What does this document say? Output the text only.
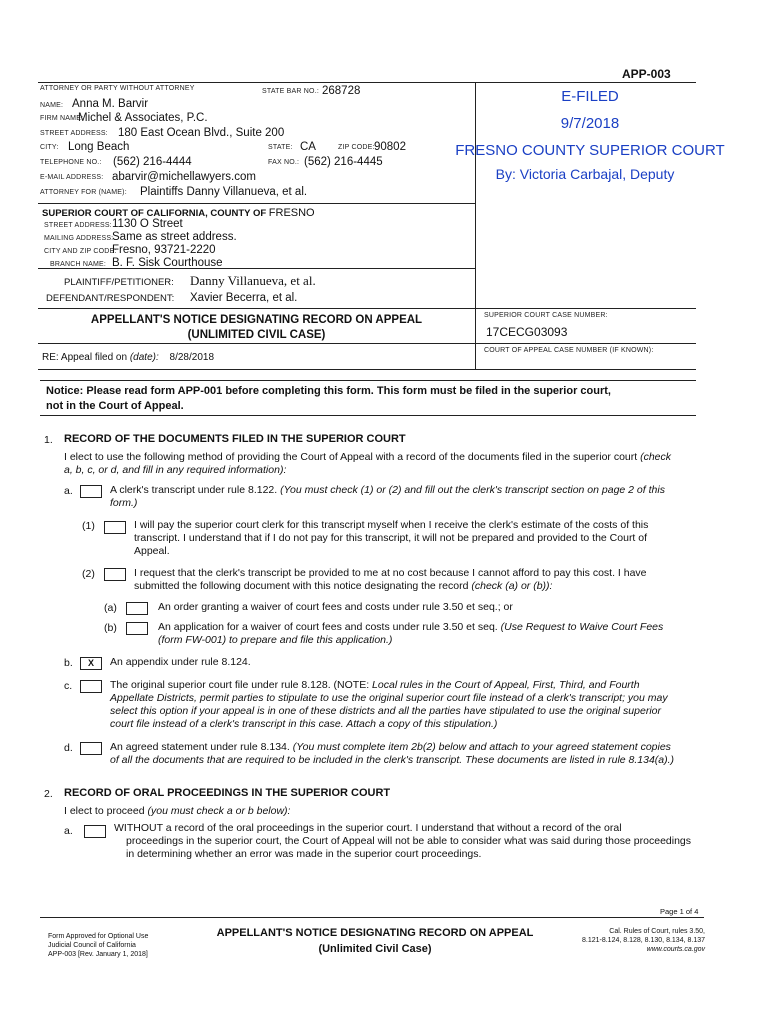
APP-003
ATTORNEY OR PARTY WITHOUT ATTORNEY	STATE BAR NO.: 268728
NAME: Anna M. Barvir
FIRM NAME:
Michel & Associates, P.C.
STREET ADDRESS: 180 East Ocean Blvd., Suite 200
CITY: Long Beach	STATE: CA	ZIP CODE: 90802
TELEPHONE NO.: (562) 216-4444	FAX NO.: (562) 216-4445
E-MAIL ADDRESS: abarvir@michellawyers.com
ATTORNEY FOR (NAME): Plaintiffs Danny Villanueva, et al.
E-FILED
9/7/2018
FRESNO COUNTY SUPERIOR COURT
By: Victoria Carbajal, Deputy
SUPERIOR COURT OF CALIFORNIA, COUNTY OF FRESNO
STREET ADDRESS: 1130 O Street
MAILING ADDRESS:
Same as street address.
CITY AND ZIP CODE:
Fresno, 93721-2220
BRANCH NAME: B. F. Sisk Courthouse
PLAINTIFF/PETITIONER: Danny Villanueva, et al.
DEFENDANT/RESPONDENT: Xavier Becerra, et al.
APPELLANT'S NOTICE DESIGNATING RECORD ON APPEAL
(UNLIMITED CIVIL CASE)
SUPERIOR COURT CASE NUMBER:
17CECG03093
COURT OF APPEAL CASE NUMBER (IF KNOWN):
RE: Appeal filed on (date): 8/28/2018
Notice: Please read form APP-001 before completing this form. This form must be filed in the superior court,
not in the Court of Appeal.
1. RECORD OF THE DOCUMENTS FILED IN THE SUPERIOR COURT
I elect to use the following method of providing the Court of Appeal with a record of the documents filed in the superior court (check
a, b, c, or d, and fill in any required information):
a.	A clerk's transcript under rule 8.122. (You must check (1) or (2) and fill out the clerk's transcript section on page 2 of this
form.)
(1)	I will pay the superior court clerk for this transcript myself when I receive the clerk's estimate of the costs of this
transcript. I understand that if I do not pay for this transcript, it will not be prepared and provided to the Court of
Appeal.
(2)	I request that the clerk's transcript be provided to me at no cost because I cannot afford to pay this cost. I have
submitted the following document with this notice designating the record (check (a) or (b)):
(a)	An order granting a waiver of court fees and costs under rule 3.50 et seq.; or
(b)	An application for a waiver of court fees and costs under rule 3.50 et seq. (Use Request to Waive Court Fees
(form FW-001) to prepare and file this application.)
b.	X	An appendix under rule 8.124.
c.	The original superior court file under rule 8.128. (NOTE: Local rules in the Court of Appeal, First, Third, and Fourth
Appellate Districts, permit parties to stipulate to use the original superior court file instead of a clerk's transcript; you may
select this option if your appeal is in one of these districts and all the parties have stipulated to use the original superior
court file instead of a clerk's transcript in this case. Attach a copy of this stipulation.)
d.	An agreed statement under rule 8.134. (You must complete item 2b(2) below and attach to your agreed statement copies
of all the documents that are required to be included in the clerk's transcript. These documents are listed in rule 8.134(a).)
2. RECORD OF ORAL PROCEEDINGS IN THE SUPERIOR COURT
I elect to proceed (you must check a or b below):
a.	WITHOUT a record of the oral proceedings in the superior court. I understand that without a record of the oral
proceedings in the superior court, the Court of Appeal will not be able to consider what was said during those proceedings
in determining whether an error was made in the superior court proceedings.
Page 1 of 4
Form Approved for Optional Use
Judicial Council of California
APP-003 [Rev. January 1, 2018]
APPELLANT'S NOTICE DESIGNATING RECORD ON APPEAL
(Unlimited Civil Case)
Cal. Rules of Court, rules 3.50,
8.121-8.124, 8.128, 8.130, 8.134, 8.137
www.courts.ca.gov
